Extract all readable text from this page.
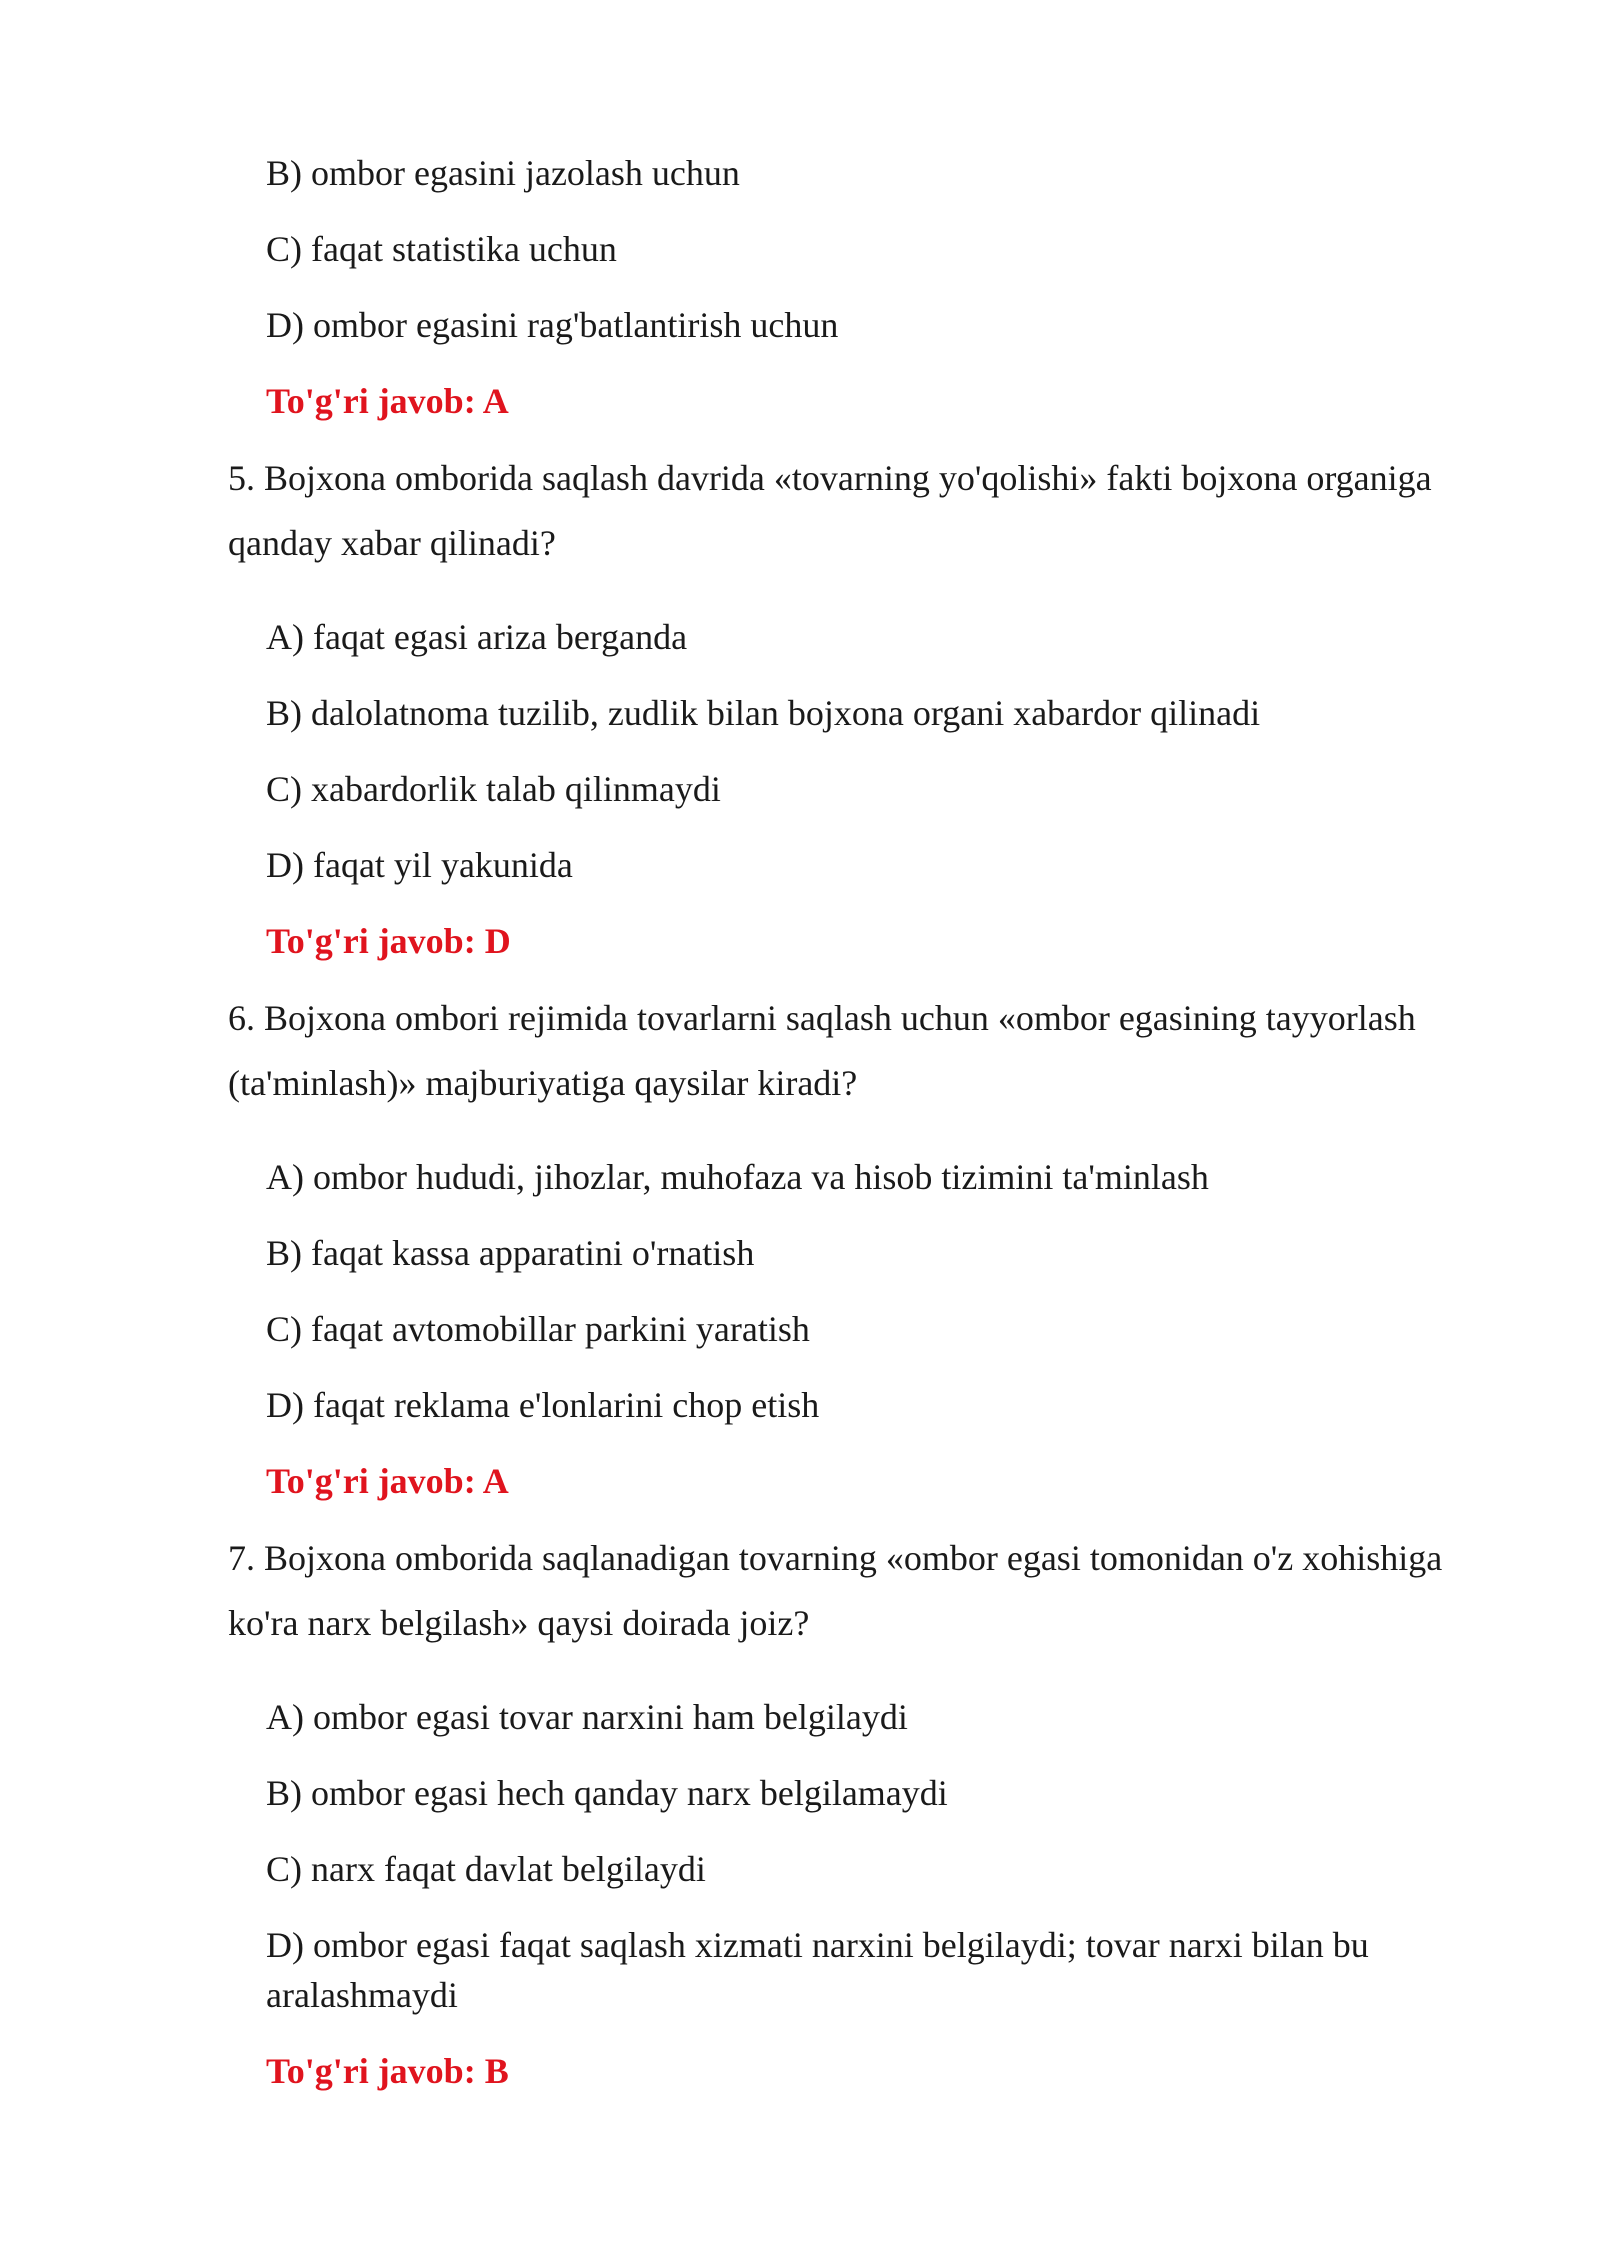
B) ombor egasini jazolash uchun
C) faqat statistika uchun
D) ombor egasini rag'batlantirish uchun
To'g'ri javob: A
5. Bojxona omborida saqlash davrida «tovarning yo'qolishi» fakti bojxona organiga qanday xabar qilinadi?
A) faqat egasi ariza berganda
B) dalolatnoma tuzilib, zudlik bilan bojxona organi xabardor qilinadi
C) xabardorlik talab qilinmaydi
D) faqat yil yakunida
To'g'ri javob: D
6. Bojxona ombori rejimida tovarlarni saqlash uchun «ombor egasining tayyorlash (ta'minlash)» majburiyatiga qaysilar kiradi?
A) ombor hududi, jihozlar, muhofaza va hisob tizimini ta'minlash
B) faqat kassa apparatini o'rnatish
C) faqat avtomobillar parkini yaratish
D) faqat reklama e'lonlarini chop etish
To'g'ri javob: A
7. Bojxona omborida saqlanadigan tovarning «ombor egasi tomonidan o'z xohishiga ko'ra narx belgilash» qaysi doirada joiz?
A) ombor egasi tovar narxini ham belgilaydi
B) ombor egasi hech qanday narx belgilamaydi
C) narx faqat davlat belgilaydi
D) ombor egasi faqat saqlash xizmati narxini belgilaydi; tovar narxi bilan bu aralashmaydi
To'g'ri javob: B
